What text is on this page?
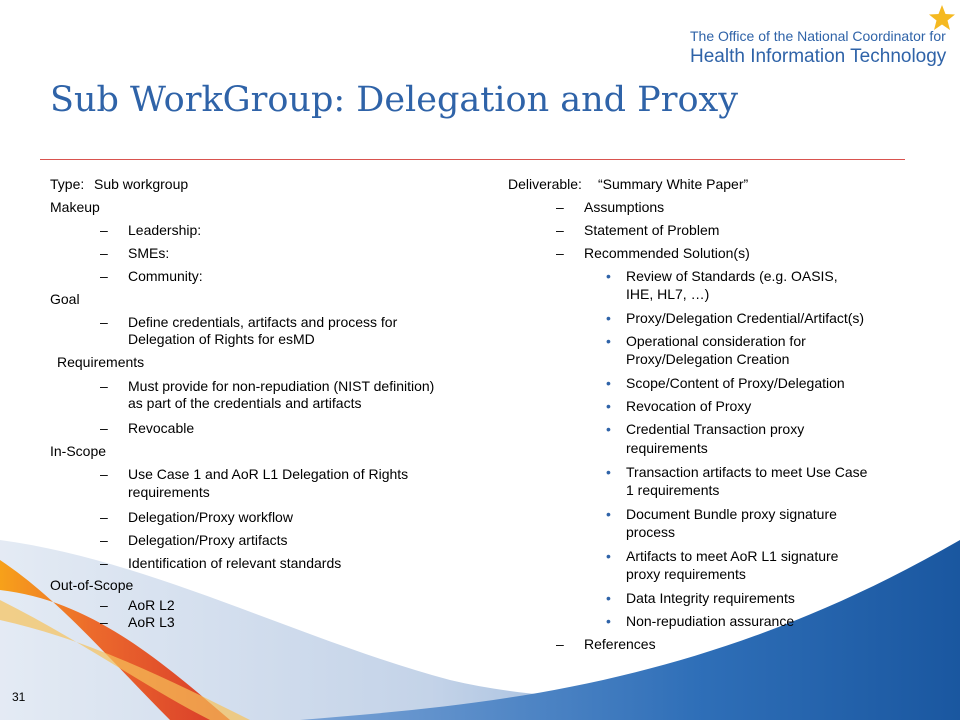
The Office of the National Coordinator for
Health Information Technology
Sub WorkGroup: Delegation and Proxy
Type: Sub workgroup
Makeup
– Leadership:
– SMEs:
– Community:
Goal
– Define credentials, artifacts and process for
Delegation of Rights for esMD
Requirements
– Must provide for non-repudiation (NIST definition)
as part of the credentials and artifacts
– Revocable
In-Scope
– Use Case 1 and AoR L1 Delegation of Rights
requirements
– Delegation/Proxy workflow
– Delegation/Proxy artifacts
– Identification of relevant standards
Out-of-Scope
– AoR L2
– AoR L3
Deliverable: “Summary White Paper”
– Assumptions
– Statement of Problem
– Recommended Solution(s)
• Review of Standards (e.g. OASIS,
IHE, HL7, …)
• Proxy/Delegation Credential/Artifact(s)
• Operational consideration for
Proxy/Delegation Creation
• Scope/Content of Proxy/Delegation
• Revocation of Proxy
• Credential Transaction proxy
requirements
• Transaction artifacts to meet Use Case
1 requirements
• Document Bundle proxy signature
process
• Artifacts to meet AoR L1 signature
proxy requirements
• Data Integrity requirements
• Non-repudiation assurance
– References
31
